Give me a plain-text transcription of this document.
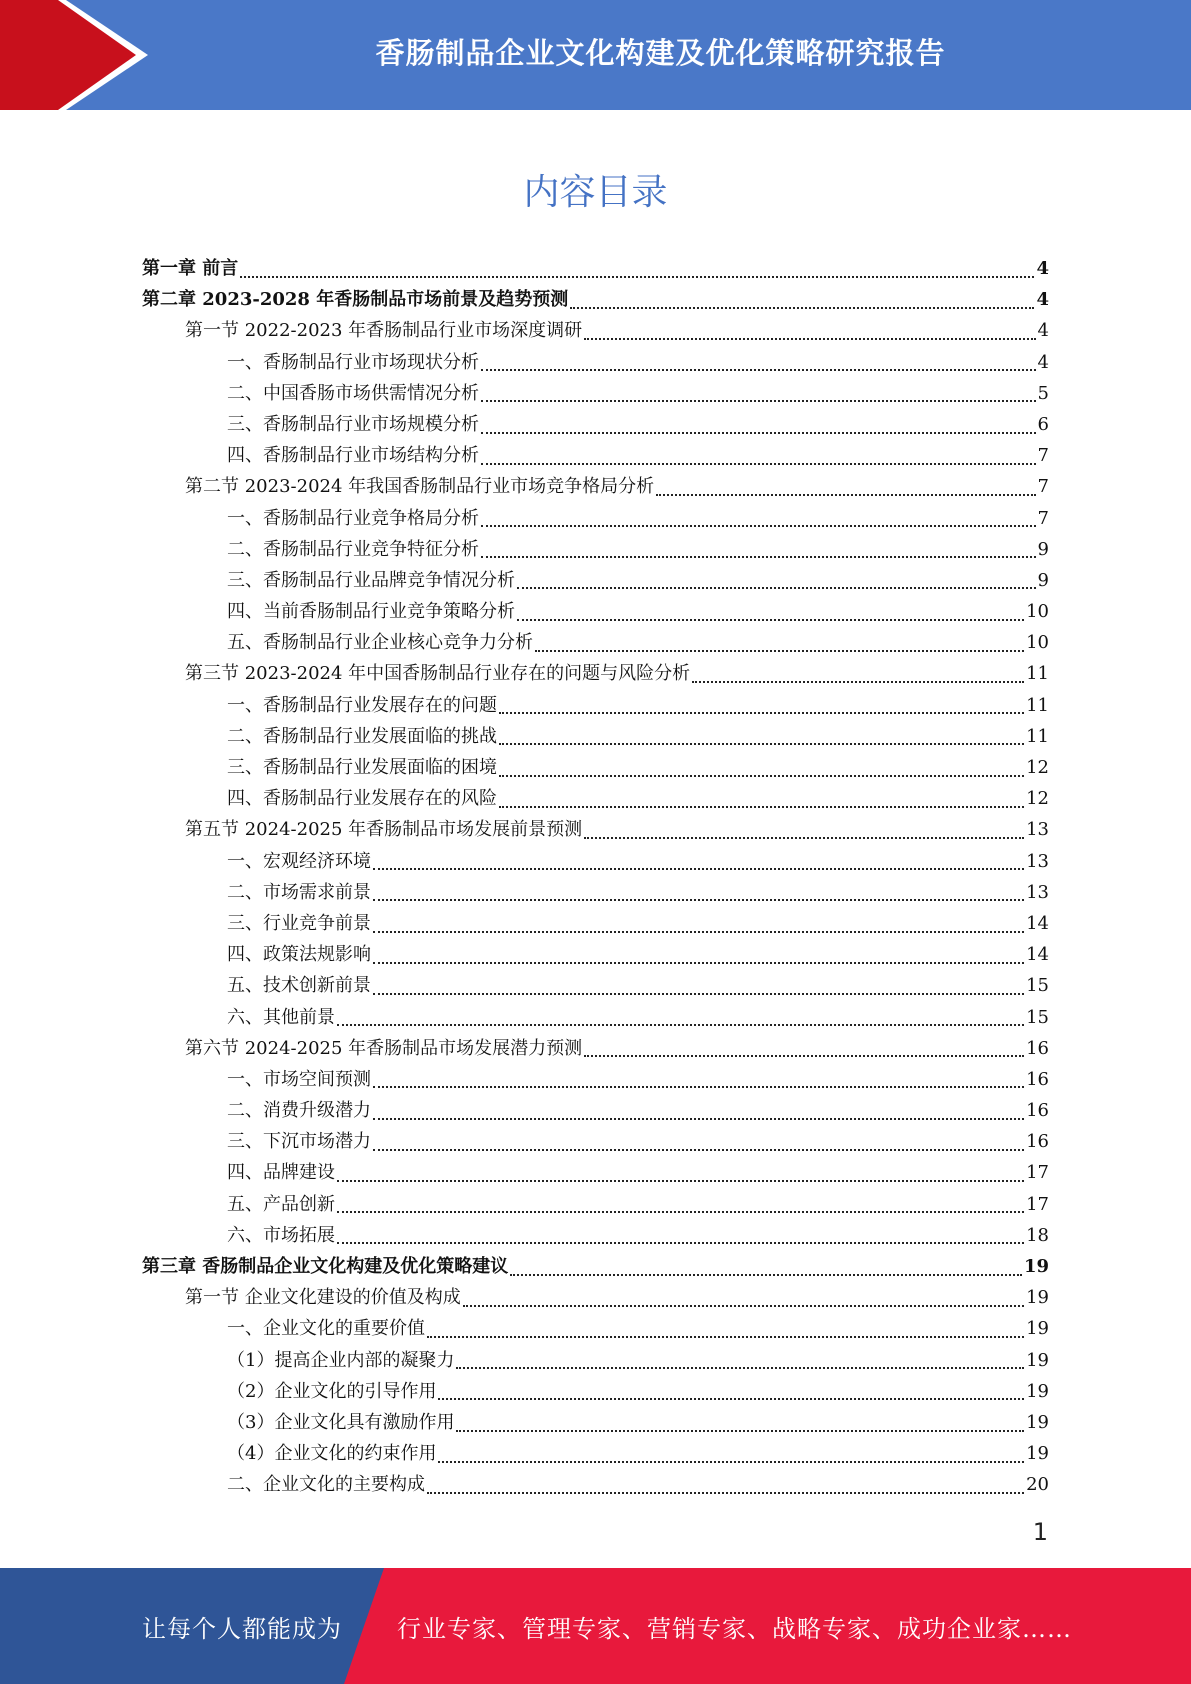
香肠制品企业文化构建及优化策略研究报告
内容目录
第一章 前言	4
第二章 2023-2028 年香肠制品市场前景及趋势预测	4
第一节 2022-2023 年香肠制品行业市场深度调研	4
一、香肠制品行业市场现状分析	4
二、中国香肠市场供需情况分析	5
三、香肠制品行业市场规模分析	6
四、香肠制品行业市场结构分析	7
第二节 2023-2024 年我国香肠制品行业市场竞争格局分析	7
一、香肠制品行业竞争格局分析	7
二、香肠制品行业竞争特征分析	9
三、香肠制品行业品牌竞争情况分析	9
四、当前香肠制品行业竞争策略分析	10
五、香肠制品行业企业核心竞争力分析	10
第三节 2023-2024 年中国香肠制品行业存在的问题与风险分析	11
一、香肠制品行业发展存在的问题	11
二、香肠制品行业发展面临的挑战	11
三、香肠制品行业发展面临的困境	12
四、香肠制品行业发展存在的风险	12
第五节 2024-2025 年香肠制品市场发展前景预测	13
一、宏观经济环境	13
二、市场需求前景	13
三、行业竞争前景	14
四、政策法规影响	14
五、技术创新前景	15
六、其他前景	15
第六节 2024-2025 年香肠制品市场发展潜力预测	16
一、市场空间预测	16
二、消费升级潜力	16
三、下沉市场潜力	16
四、品牌建设	17
五、产品创新	17
六、市场拓展	18
第三章 香肠制品企业文化构建及优化策略建议	19
第一节 企业文化建设的价值及构成	19
一、企业文化的重要价值	19
（1）提高企业内部的凝聚力	19
（2）企业文化的引导作用	19
（3）企业文化具有激励作用	19
（4）企业文化的约束作用	19
二、企业文化的主要构成	20
1
让每个人都能成为 行业专家、管理专家、营销专家、战略专家、成功企业家……
